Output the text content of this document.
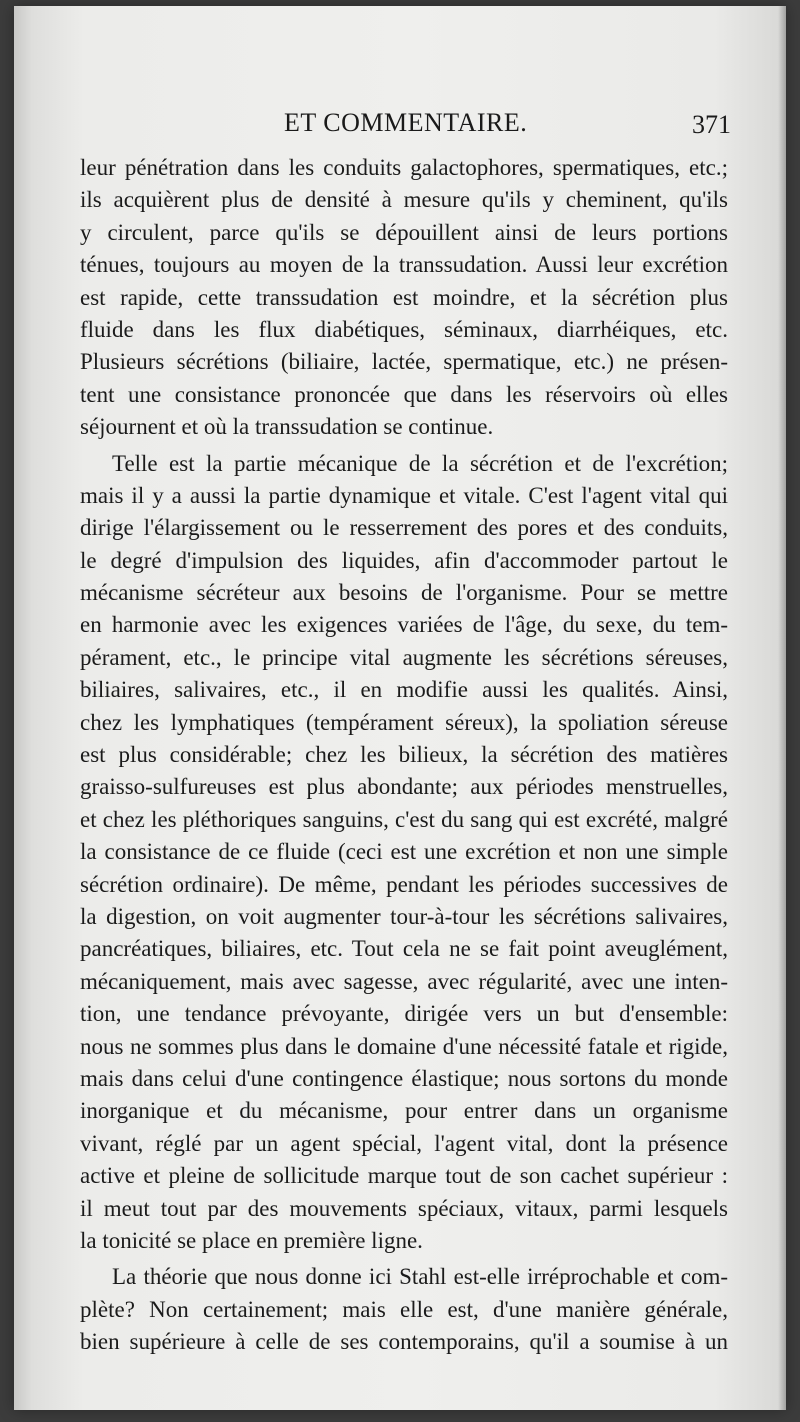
ET COMMENTAIRE.	371
leur pénétration dans les conduits galactophores, spermatiques, etc.;
ils acquièrent plus de densité à mesure qu'ils y cheminent, qu'ils
y circulent, parce qu'ils se dépouillent ainsi de leurs portions
ténues, toujours au moyen de la transsudation. Aussi leur excrétion
est rapide, cette transsudation est moindre, et la sécrétion plus
fluide dans les flux diabétiques, séminaux, diarrhéiques, etc.
Plusieurs sécrétions (biliaire, lactée, spermatique, etc.) ne présen-
tent une consistance prononcée que dans les réservoirs où elles
séjournent et où la transsudation se continue.
Telle est la partie mécanique de la sécrétion et de l'excrétion;
mais il y a aussi la partie dynamique et vitale. C'est l'agent vital qui
dirige l'élargissement ou le resserrement des pores et des conduits,
le degré d'impulsion des liquides, afin d'accommoder partout le
mécanisme sécréteur aux besoins de l'organisme. Pour se mettre
en harmonie avec les exigences variées de l'âge, du sexe, du tem-
pérament, etc., le principe vital augmente les sécrétions séreuses,
biliaires, salivaires, etc., il en modifie aussi les qualités. Ainsi,
chez les lymphatiques (tempérament séreux), la spoliation séreuse
est plus considérable; chez les bilieux, la sécrétion des matières
graisso-sulfureuses est plus abondante; aux périodes menstruelles,
et chez les pléthoriques sanguins, c'est du sang qui est excrété, malgré
la consistance de ce fluide (ceci est une excrétion et non une simple
sécrétion ordinaire). De même, pendant les périodes successives de
la digestion, on voit augmenter tour-à-tour les sécrétions salivaires,
pancréatiques, biliaires, etc. Tout cela ne se fait point aveuglément,
mécaniquement, mais avec sagesse, avec régularité, avec une inten-
tion, une tendance prévoyante, dirigée vers un but d'ensemble:
nous ne sommes plus dans le domaine d'une nécessité fatale et rigide,
mais dans celui d'une contingence élastique; nous sortons du monde
inorganique et du mécanisme, pour entrer dans un organisme
vivant, réglé par un agent spécial, l'agent vital, dont la présence
active et pleine de sollicitude marque tout de son cachet supérieur :
il meut tout par des mouvements spéciaux, vitaux, parmi lesquels
la tonicité se place en première ligne.
La théorie que nous donne ici Stahl est-elle irréprochable et com-
plète? Non certainement; mais elle est, d'une manière générale,
bien supérieure à celle de ses contemporains, qu'il a soumise à un
